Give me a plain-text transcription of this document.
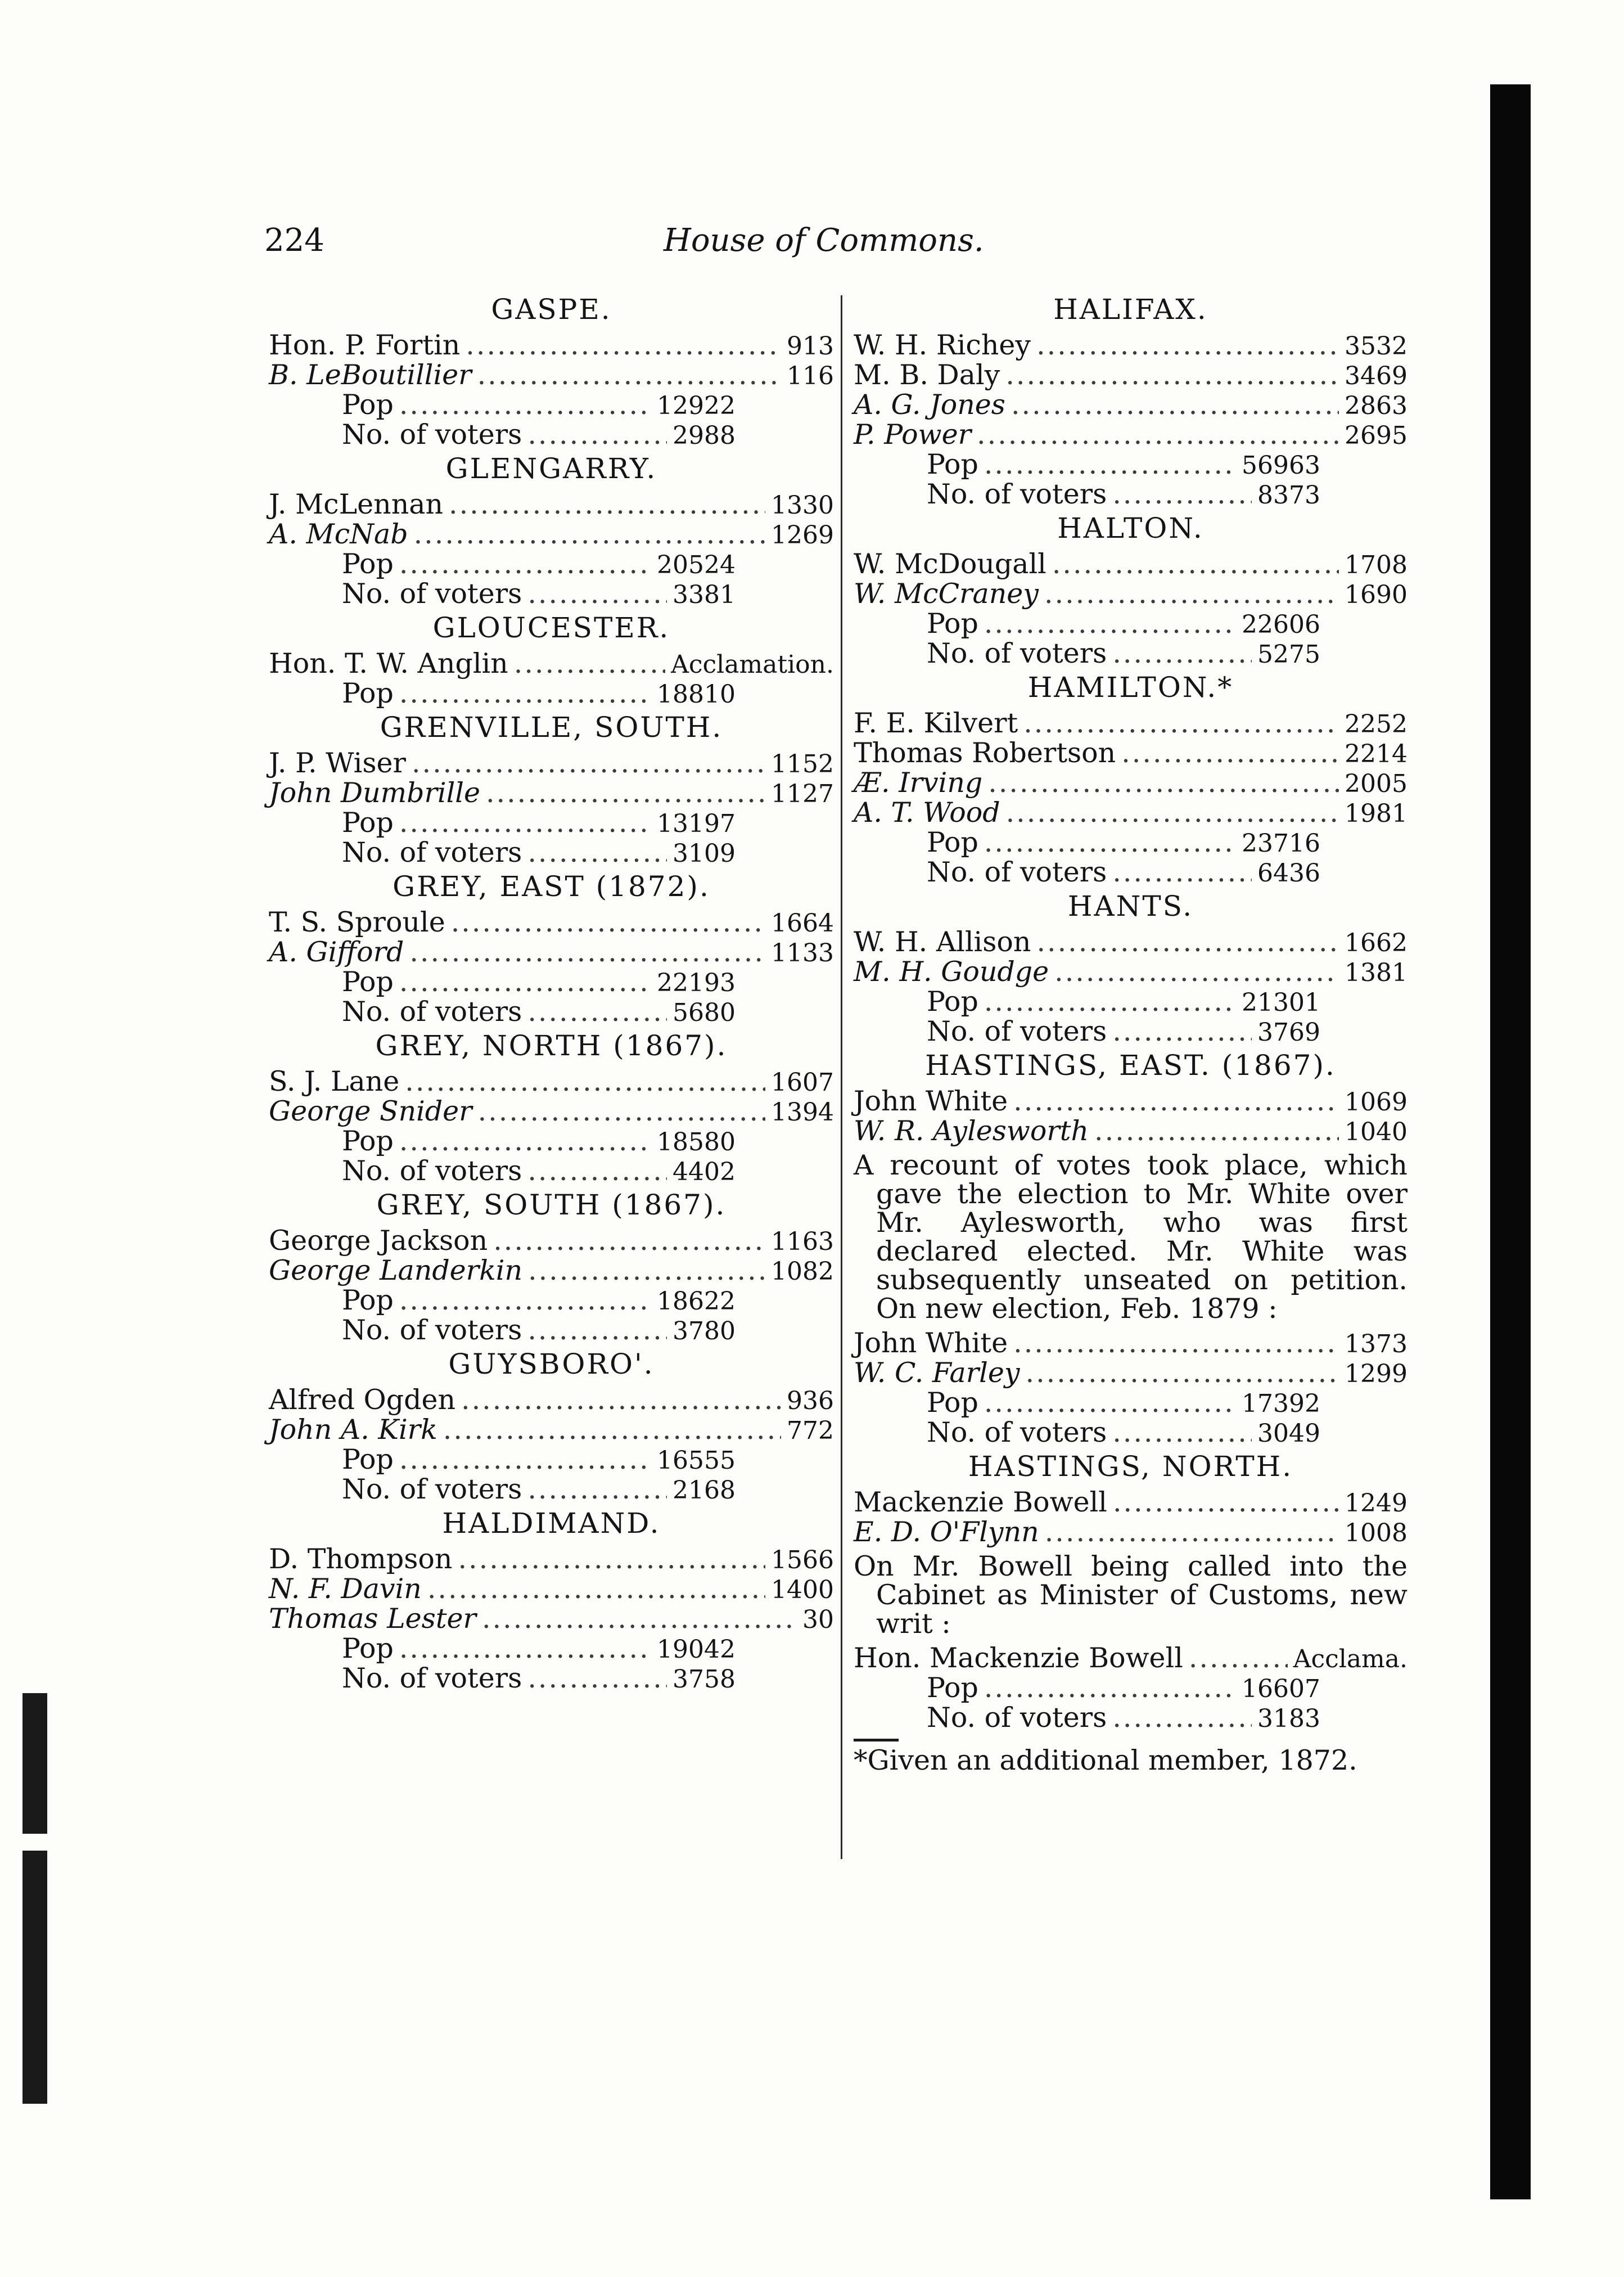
224	House of Commons.
GASPE.
Hon. P. Fortin .....	913
B. LeBoutillier .....	116
Pop .....	12922
No. of voters .....	2988
GLENGARRY.
J. McLennan .....	1330
A. McNab .....	1269
Pop .....	20524
No. of voters .....	3381
GLOUCESTER.
Hon. T. W. Anglin .....	Acclamation.
Pop .....	18810
GRENVILLE, SOUTH.
J. P. Wiser .....	1152
John Dumbrille .....	1127
Pop .....	13197
No. of voters .....	3109
GREY, EAST (1872).
T. S. Sproule .....	1664
A. Gifford .....	1133
Pop .....	22193
No. of voters .....	5680
GREY, NORTH (1867).
S. J. Lane .....	1607
George Snider .....	1394
Pop .....	18580
No. of voters .....	4402
GREY, SOUTH (1867).
George Jackson .....	1163
George Landerkin .....	1082
Pop .....	18622
No. of voters .....	3780
GUYSBORO'.
Alfred Ogden .....	936
John A. Kirk .....	772
Pop .....	16555
No. of voters .....	2168
HALDIMAND.
D. Thompson .....	1566
N. F. Davin .....	1400
Thomas Lester .....	30
Pop .....	19042
No. of voters .....	3758
HALIFAX.
W. H. Richey .....	3532
M. B. Daly .....	3469
A. G. Jones .....	2863
P. Power .....	2695
Pop .....	56963
No. of voters .....	8373
HALTON.
W. McDougall .....	1708
W. McCraney .....	1690
Pop .....	22606
No. of voters .....	5275
HAMILTON.*
F. E. Kilvert .....	2252
Thomas Robertson .....	2214
Æ. Irving .....	2005
A. T. Wood .....	1981
Pop .....	23716
No. of voters .....	6436
HANTS.
W. H. Allison .....	1662
M. H. Goudge .....	1381
Pop .....	21301
No. of voters .....	3769
HASTINGS, EAST. (1867).
John White .....	1069
W. R. Aylesworth .....	1040
A recount of votes took place, which gave the election to Mr. White over Mr. Aylesworth, who was first declared elected. Mr. White was subsequently unseated on petition. On new election, Feb. 1879 :
John White .....	1373
W. C. Farley .....	1299
Pop .....	17392
No. of voters .....	3049
HASTINGS, NORTH.
Mackenzie Bowell .....	1249
E. D. O'Flynn .....	1008
On Mr. Bowell being called into the Cabinet as Minister of Customs, new writ :
Hon. Mackenzie Bowell .....	Acclama.
Pop .....	16607
No. of voters .....	3183
*Given an additional member, 1872.
